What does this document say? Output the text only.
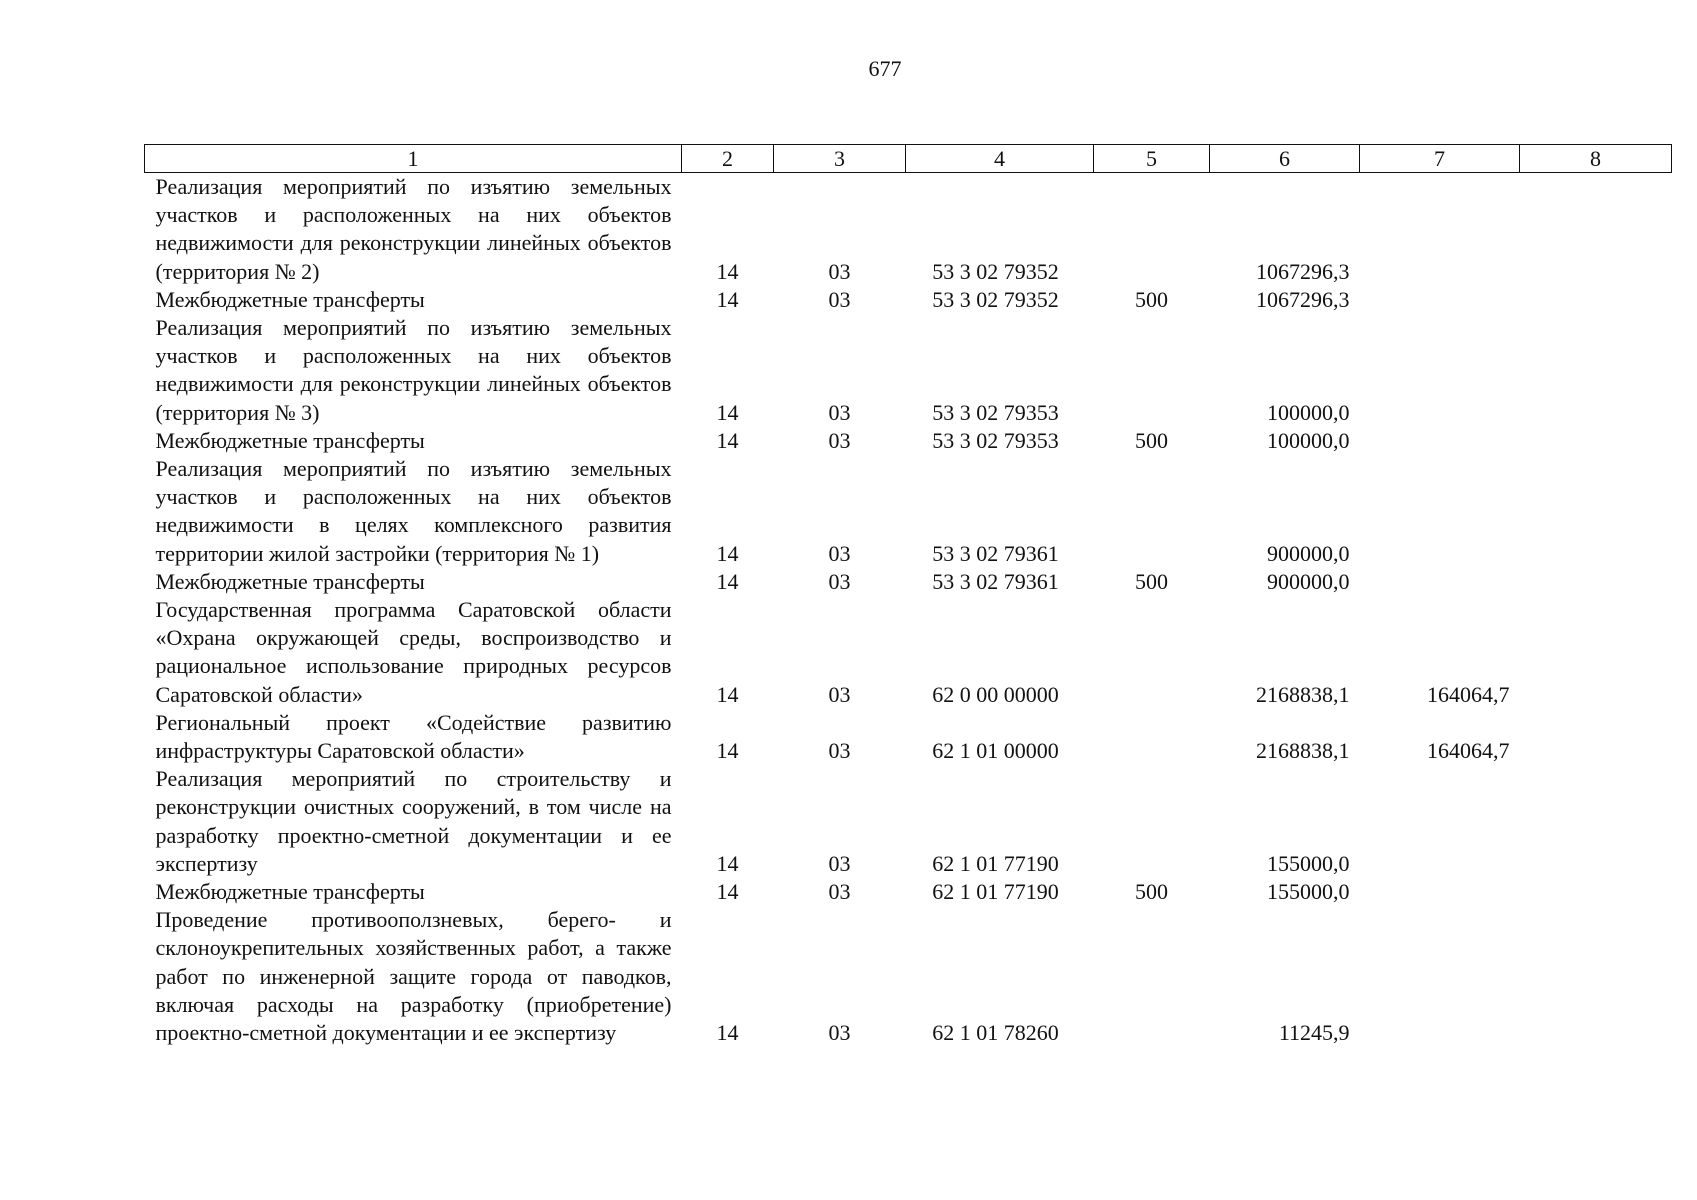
677
1	2	3	4	5	6	7	8
Реализация мероприятий по изъятию земельных участков и расположенных на них объектов недвижимости для реконструкции линейных объектов (территория № 2)	14	03	53 3 02 79352		1067296,3		
Межбюджетные трансферты	14	03	53 3 02 79352	500	1067296,3		
Реализация мероприятий по изъятию земельных участков и расположенных на них объектов недвижимости для реконструкции линейных объектов (территория № 3)	14	03	53 3 02 79353		100000,0		
Межбюджетные трансферты	14	03	53 3 02 79353	500	100000,0		
Реализация мероприятий по изъятию земельных участков и расположенных на них объектов недвижимости в целях комплексного развития территории жилой застройки (территория № 1)	14	03	53 3 02 79361		900000,0		
Межбюджетные трансферты	14	03	53 3 02 79361	500	900000,0		
Государственная программа Саратовской области «Охрана окружающей среды, воспроизводство и рациональное использование природных ресурсов Саратовской области»	14	03	62 0 00 00000		2168838,1	164064,7	
Региональный проект «Содействие развитию инфраструктуры Саратовской области»	14	03	62 1 01 00000		2168838,1	164064,7	
Реализация мероприятий по строительству и реконструкции очистных сооружений, в том числе на разработку проектно-сметной документации и ее экспертизу	14	03	62 1 01 77190		155000,0		
Межбюджетные трансферты	14	03	62 1 01 77190	500	155000,0		
Проведение противооползневых, берего- и склоноукрепительных хозяйственных работ, а также работ по инженерной защите города от паводков, включая расходы на разработку (приобретение) проектно-сметной документации и ее экспертизу	14	03	62 1 01 78260		11245,9		
